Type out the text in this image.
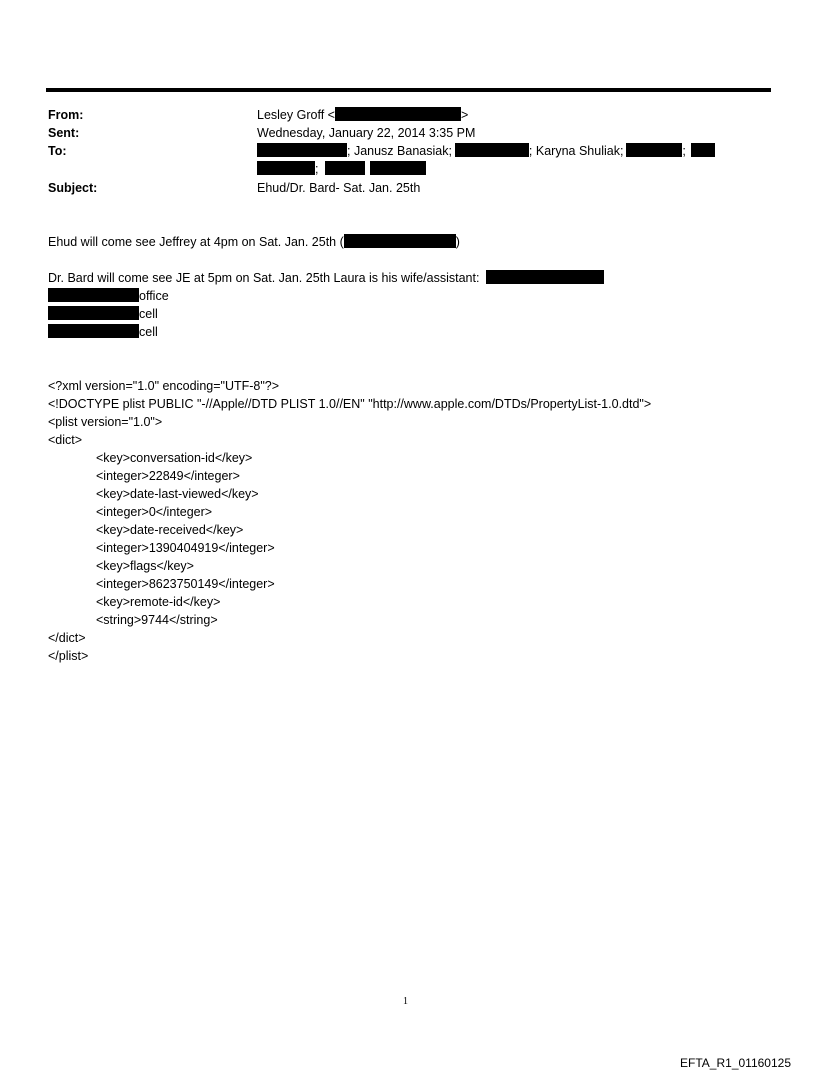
From:	Lesley Groff <	>
Sent:	Wednesday, January 22, 2014 3:35 PM
To:	; Janusz Banasiak;	; Karyna Shuliak;	;
;
Subject:	Ehud/Dr. Bard- Sat. Jan. 25th
Ehud will come see Jeffrey at 4pm on Sat. Jan. 25th (	)
Dr. Bard will come see JE at 5pm on Sat. Jan. 25th Laura is his wife/assistant:
office
cell
cell
<?xml version="1.0" encoding="UTF-8"?>
<!DOCTYPE plist PUBLIC "-//Apple//DTD PLIST 1.0//EN" "http://www.apple.com/DTDs/PropertyList-1.0.dtd">
<plist version="1.0">
<dict>
<key>conversation-id</key>
<integer>22849</integer>
<key>date-last-viewed</key>
<integer>0</integer>
<key>date-received</key>
<integer>1390404919</integer>
<key>flags</key>
<integer>8623750149</integer>
<key>remote-id</key>
<string>9744</string>
</dict>
</plist>
1
EFTA_R1_01160125
